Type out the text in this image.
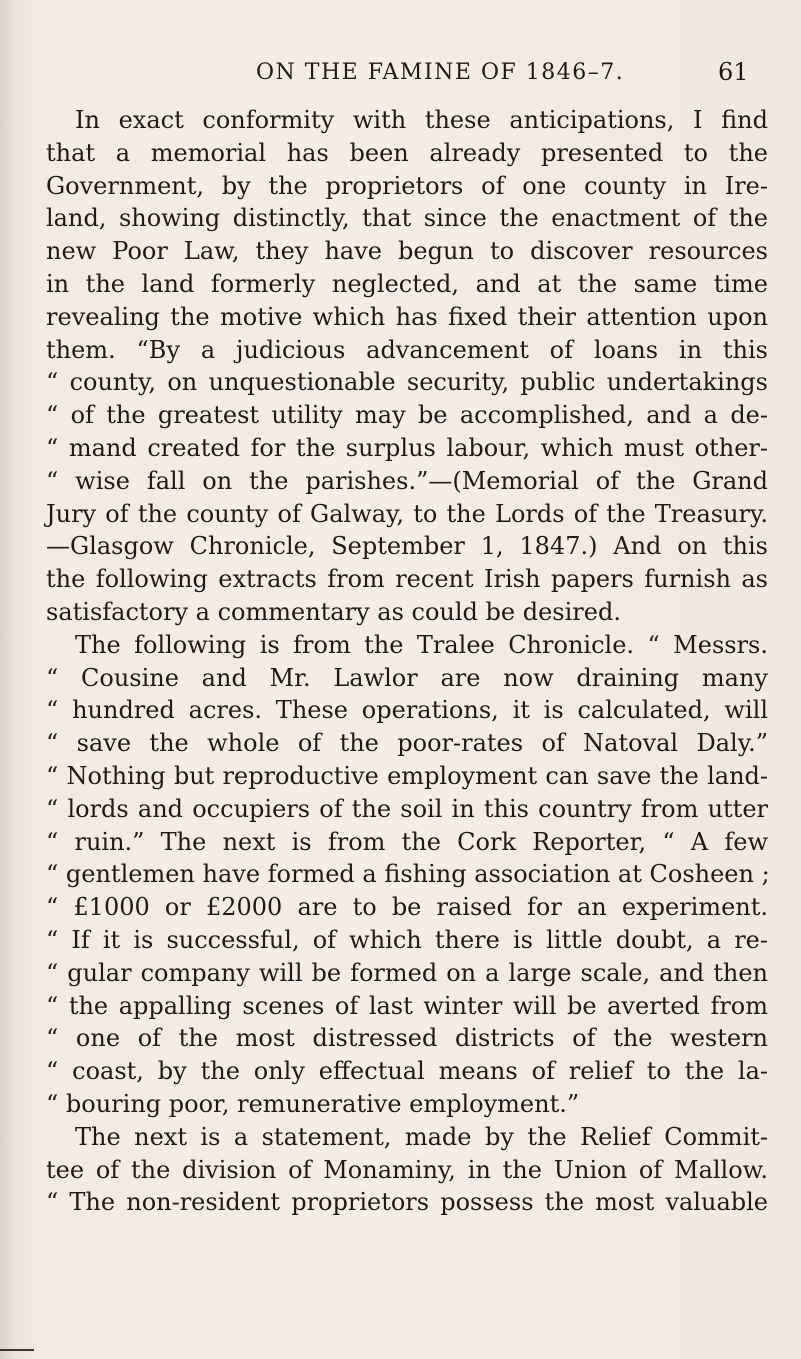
ON THE FAMINE OF 1846–7.	61
In exact conformity with these anticipations, I find
that a memorial has been already presented to the
Government, by the proprietors of one county in Ire-
land, showing distinctly, that since the enactment of the
new Poor Law, they have begun to discover resources
in the land formerly neglected, and at the same time
revealing the motive which has fixed their attention upon
them. “By a judicious advancement of loans in this
“ county, on unquestionable security, public undertakings
“ of the greatest utility may be accomplished, and a de-
“ mand created for the surplus labour, which must other-
“ wise fall on the parishes.”—(Memorial of the Grand
Jury of the county of Galway, to the Lords of the Treasury.
—Glasgow Chronicle, September 1, 1847.) And on this
the following extracts from recent Irish papers furnish as
satisfactory a commentary as could be desired.
The following is from the Tralee Chronicle. “ Messrs.
“ Cousine and Mr. Lawlor are now draining many
“ hundred acres. These operations, it is calculated, will
“ save the whole of the poor-rates of Natoval Daly.”
“ Nothing but reproductive employment can save the land-
“ lords and occupiers of the soil in this country from utter
“ ruin.” The next is from the Cork Reporter, “ A few
“ gentlemen have formed a fishing association at Cosheen ;
“ £1000 or £2000 are to be raised for an experiment.
“ If it is successful, of which there is little doubt, a re-
“ gular company will be formed on a large scale, and then
“ the appalling scenes of last winter will be averted from
“ one of the most distressed districts of the western
“ coast, by the only effectual means of relief to the la-
“ bouring poor, remunerative employment.”
The next is a statement, made by the Relief Commit-
tee of the division of Monaminy, in the Union of Mallow.
“ The non-resident proprietors possess the most valuable
